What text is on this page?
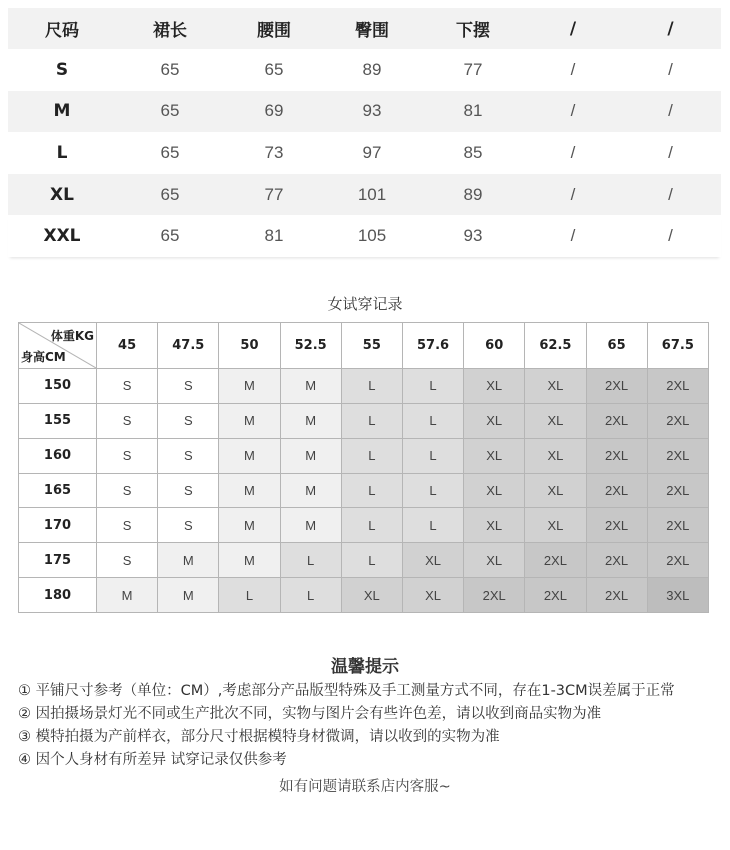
尺码	裙长	腰围	臀围	下摆	/	/
S	65	65	89	77	/	/
M	65	69	93	81	/	/
L	65	73	97	85	/	/
XL	65	77	101	89	/	/
XXL	65	81	105	93	/	/
女试穿记录
体重KG
身高CM	45	47.5	50	52.5	55	57.6	60	62.5	65	67.5
150	S	S	M	M	L	L	XL	XL	2XL	2XL
155	S	S	M	M	L	L	XL	XL	2XL	2XL
160	S	S	M	M	L	L	XL	XL	2XL	2XL
165	S	S	M	M	L	L	XL	XL	2XL	2XL
170	S	S	M	M	L	L	XL	XL	2XL	2XL
175	S	M	M	L	L	XL	XL	2XL	2XL	2XL
180	M	M	L	L	XL	XL	2XL	2XL	2XL	3XL
温馨提示
① 平铺尺寸参考（单位：CM）,考虑部分产品版型特殊及手工测量方式不同，存在1-3CM误差属于正常
② 因拍摄场景灯光不同或生产批次不同，实物与图片会有些许色差，请以收到商品实物为准
③ 模特拍摄为产前样衣，部分尺寸根据模特身材微调，请以收到的实物为准
④ 因个人身材有所差异 试穿记录仅供参考
如有问题请联系店内客服~
